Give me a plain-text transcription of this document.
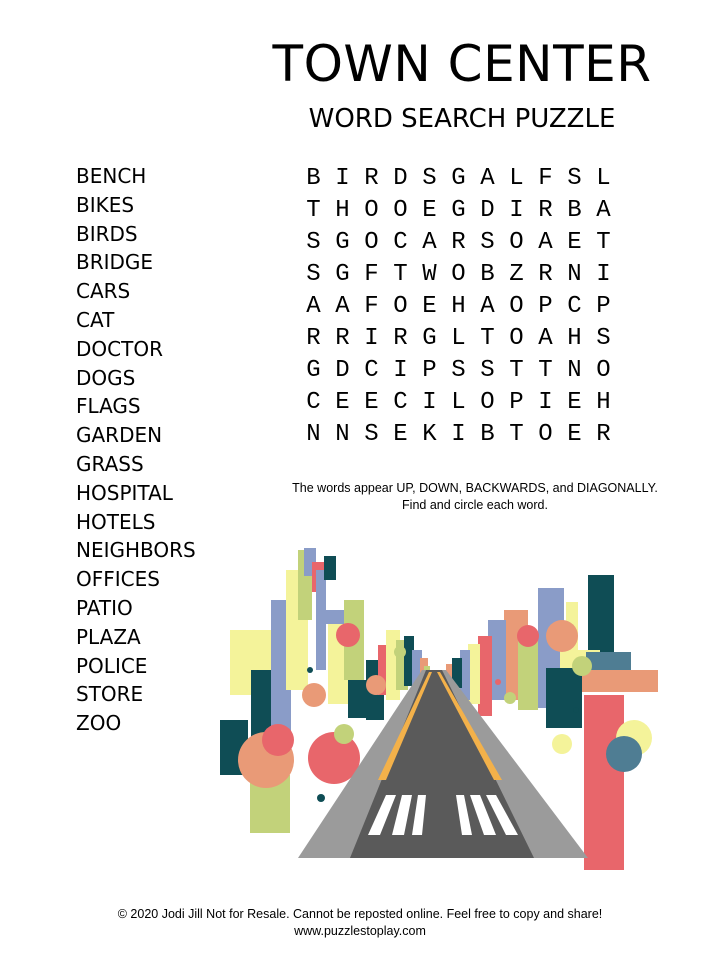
TOWN CENTER
WORD SEARCH PUZZLE
BENCH
BIKES
BIRDS
BRIDGE
CARS
CAT
DOCTOR
DOGS
FLAGS
GARDEN
GRASS
HOSPITAL
HOTELS
NEIGHBORS
OFFICES
PATIO
PLAZA
POLICE
STORE
ZOO
B I R D S G A L F S L
T H O O E G D I R B A
S G O C A R S O A E T
S G F T W O B Z R N I
A A F O E H A O P C P
R R I R G L T O A H S
G D C I P S S T T N O
C E E C I L O P I E H
N N S E K I B T O E R
The words appear UP, DOWN, BACKWARDS, and DIAGONALLY.
Find and circle each word.
© 2020 Jodi Jill Not for Resale. Cannot be reposted online. Feel free to copy and share!
www.puzzlestoplay.com
